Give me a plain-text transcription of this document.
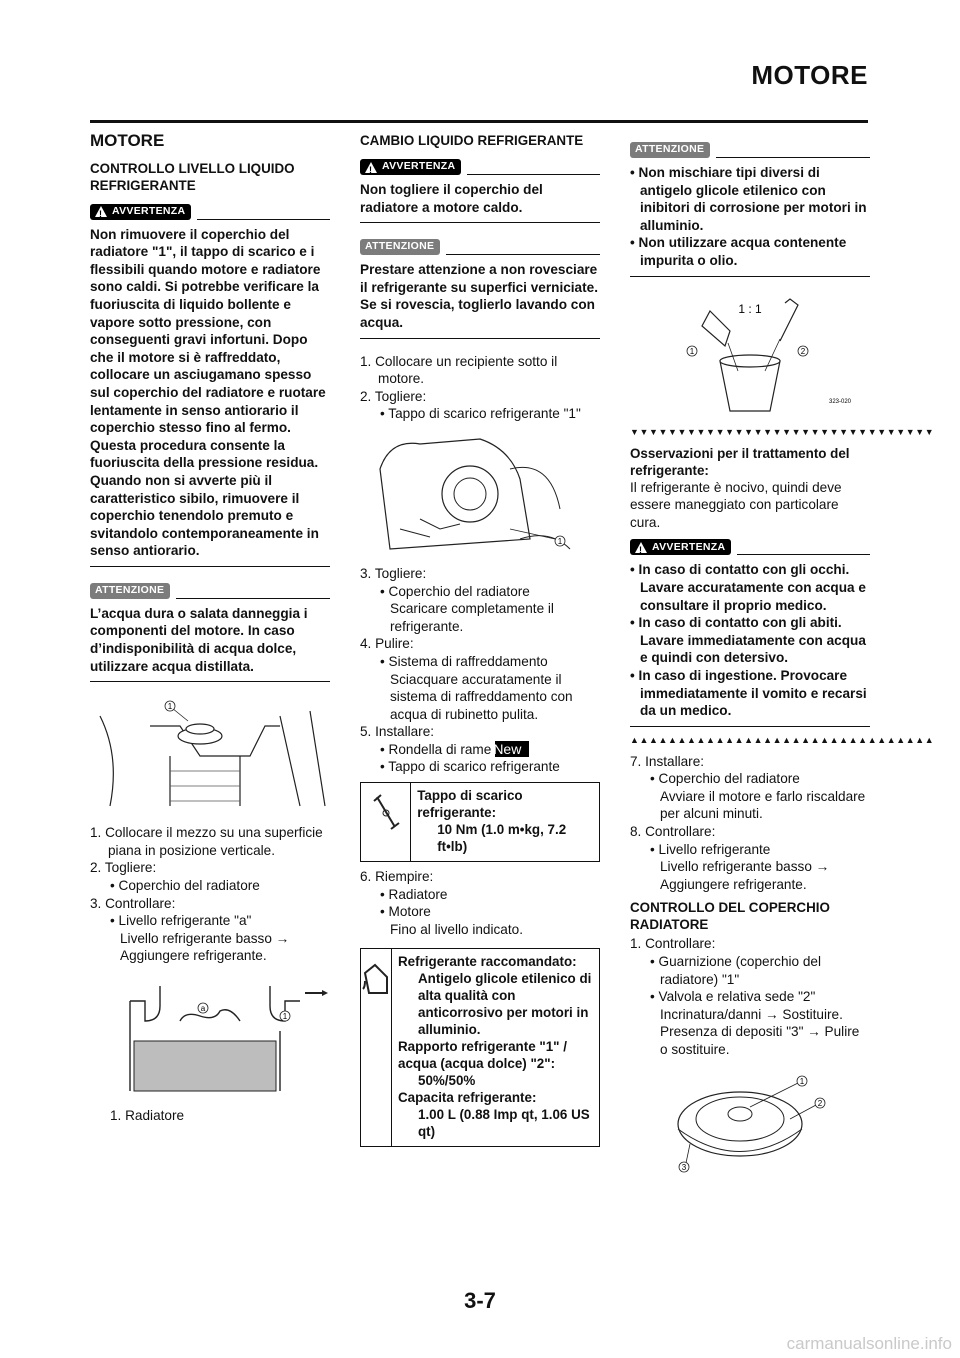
MOTORE
MOTORE
CONTROLLO LIVELLO LIQUIDO REFRIGERANTE
!
AVVERTENZA
Non rimuovere il coperchio del radiatore "1", il tappo di scarico e i flessibili quando motore e radiatore sono caldi. Si potrebbe verificare la fuoriuscita di liquido bollente e vapore sotto pressione, con conseguenti gravi infortuni. Dopo che il motore si è raffreddato, collocare un asciugamano spesso sul coperchio del radiatore e ruotare lentamente in senso antiorario il coperchio stesso fino al fermo. Questa procedura consente la fuoriuscita della pressione residua. Quando non si avverte più il caratteristico sibilo, rimuovere il coperchio tenendolo premuto e svitandolo contemporaneamente in senso antiorario.
ATTENZIONE
L’acqua dura o salata danneggia i componenti del motore. In caso d’indisponibilità di acqua dolce, utilizzare acqua distillata.
1

1. Collocare il mezzo su una superficie piana in posizione verticale.

2. Togliere:

• Coperchio del radiatore

3. Controllare:

• Livello refrigerante "a"

Livello refrigerante basso → Aggiungere refrigerante.

a
1
1. Radiatore
CAMBIO LIQUIDO REFRIGERANTE
!
AVVERTENZA
Non togliere il coperchio del radiatore a motore caldo.
ATTENZIONE
Prestare attenzione a non rovesciare il refrigerante su superfici verniciate. Se si rovescia, toglierlo lavando con acqua.

1. Collocare un recipiente sotto il motore.

2. Togliere:

• Tappo di scarico refrigerante "1"

1

3. Togliere:

• Coperchio del radiatore

Scaricare completamente il refrigerante.

4. Pulire:

• Sistema di raffreddamento

Sciacquare accuratamente il sistema di raffreddamento con acqua di rubinetto pulita.

5. Installare:

• Rondella di rame New

• Tappo di scarico refrigerante

Tappo di scarico refrigerante:
10 Nm (1.0 m•kg, 7.2 ft•lb)

6. Riempire:

• Radiatore

• Motore

Fino al livello indicato.

Refrigerante raccomandato:
Antigelo glicole etilenico di alta qualità con anticorrosivo per motori in alluminio.
Rapporto refrigerante "1" / acqua (acqua dolce) "2":
50%/50%
Capacita refrigerante:
1.00 L (0.88 Imp qt, 1.06 US qt)
ATTENZIONE

• Non mischiare tipi diversi di antigelo glicole etilenico con inibitori di corrosione per motori in alluminio.

• Non utilizzare acqua contenente impurita o olio.

1 : 1
1	2
323-020
▼▼▼▼▼▼▼▼▼▼▼▼▼▼▼▼▼▼▼▼▼▼▼▼▼▼▼▼▼▼▼▼
Osservazioni per il trattamento del refrigerante:

Il refrigerante è nocivo, quindi deve essere maneggiato con particolare cura.

!
AVVERTENZA

• In caso di contatto con gli occhi. Lavare accuratamente con acqua e consultare il proprio medico.

• In caso di contatto con gli abiti. Lavare immediatamente con acqua e quindi con detersivo.

• In caso di ingestione. Provocare immediatamente il vomito e recarsi da un medico.

▲▲▲▲▲▲▲▲▲▲▲▲▲▲▲▲▲▲▲▲▲▲▲▲▲▲▲▲▲▲▲▲

7. Installare:

• Coperchio del radiatore

Avviare il motore e farlo riscaldare per alcuni minuti.

8. Controllare:

• Livello refrigerante

Livello refrigerante basso → Aggiungere refrigerante.

CONTROLLO DEL COPERCHIO RADIATORE

1. Controllare:

• Guarnizione (coperchio del radiatore) "1"

• Valvola e relativa sede "2"

Incrinatura/danni → Sostituire.

Presenza di depositi "3" → Pulire o sostituire.

1
2
3
3-7
carmanualsonline.info
